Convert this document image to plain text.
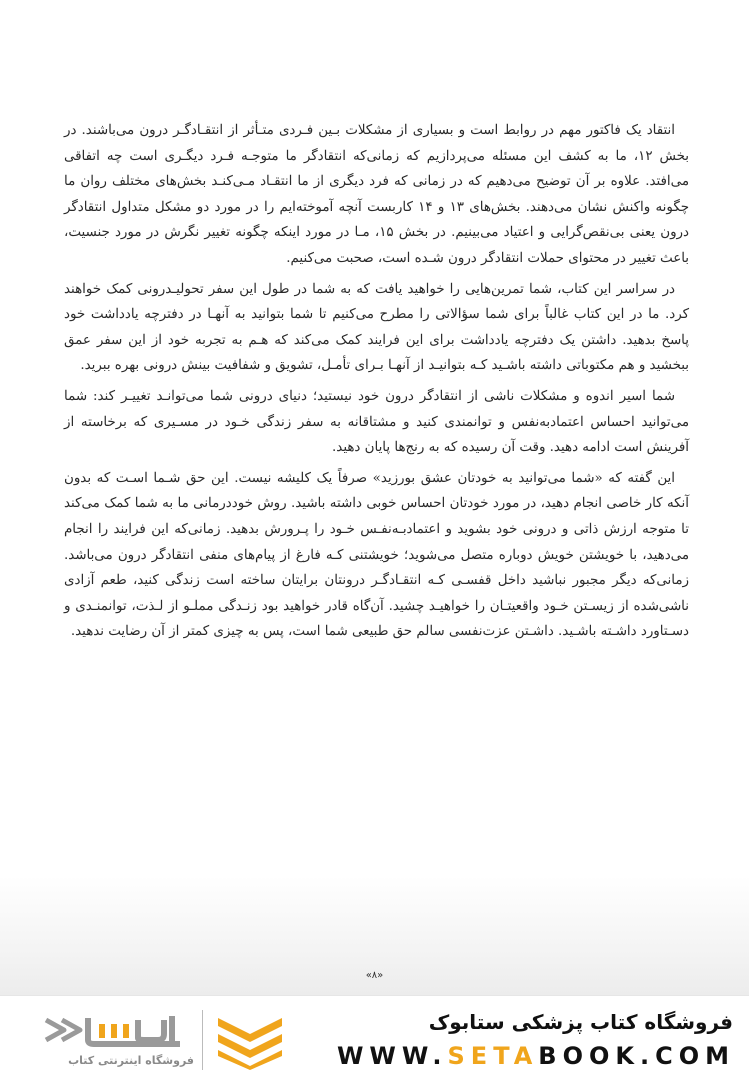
انتقاد یک فاکتور مهم در روابط است و بسیاری از مشکلات بـین فـردی متـأثر از انتقـادگـر درون می‌باشند. در بخش ۱۲، ما به کشف این مسئله می‌پردازیم که زمانی‌که انتقادگر ما متوجـه فـرد دیگـری است چه اتفاقی می‌افتد. علاوه بر آن توضیح می‌دهیم که در زمانی که فرد دیگری از ما انتقـاد مـی‌کنـد بخش‌های مختلف روان ما چگونه واکنش نشان می‌دهند. بخش‌های ۱۳ و ۱۴ کاربست آنچه آموخته‌ایم را در مورد دو مشکل متداول انتقادگر درون یعنی بی‌نقص‌گرایی و اعتیاد می‌بینیم. در بخش ۱۵، مـا در مورد اینکه چگونه تغییر نگرش در مورد جنسیت، باعث تغییر در محتوای حملات انتقادگر درون شـده است، صحبت می‌کنیم.

در سراسر این کتاب، شما تمرین‌هایی را خواهید یافت که به شما در طول این سفر تحولیـدرونی کمک خواهند کرد. ما در این کتاب غالباً برای شما سؤالاتی را مطرح می‌کنیم تا شما بتوانید به آنهـا در دفترچه یادداشت خود پاسخ بدهید. داشتن یک دفترچه یادداشت برای این فرایند کمک می‌کند که هـم به تجربه خود از این سفر عمق ببخشید و هم مکتوباتی داشته باشـید کـه بتوانیـد از آنهـا بـرای تأمـل، تشویق و شفافیت بینش درونی بهره ببرید.

شما اسیر اندوه و مشکلات ناشی از انتقادگر درون خود نیستید؛ دنیای درونی شما می‌توانـد تغییـر کند: شما می‌توانید احساس اعتمادبه‌نفس و توانمندی کنید و مشتاقانه به سفر زندگی خـود در مسـیری که برخاسته از آفرینش است ادامه دهید. وقت آن رسیده که به رنج‌ها پایان دهید.

این گفته که «شما می‌توانید به خودتان عشق بورزید» صرفاً یک کلیشه نیست. این حق شـما اسـت که بدون آنکه کار خاصی انجام دهید، در مورد خودتان احساس خوبی داشته باشید. روش خوددرمانی ما به شما کمک می‌کند تا متوجه ارزش ذاتی و درونی خود بشوید و اعتمادبـه‌نفـس خـود را پـرورش بدهید. زمانی‌که این فرایند را انجام می‌دهید، با خویشتن خویش دوباره متصل می‌شوید؛ خویشتنی کـه فارغ از پیام‌های منفی انتقادگر درون می‌باشد. زمانی‌که دیگر مجبور نباشید داخل قفسـی کـه انتقـادگـر درونتان برایتان ساخته است زندگی کنید، طعم آزادی ناشی‌شده از زیسـتن خـود واقعیتـان را خواهیـد چشید. آن‌گاه قادر خواهید بود زنـدگی مملـو از لـذت، توانمنـدی و دسـتاورد داشـته باشـید. داشـتن عزت‌نفسی سالم حق طبیعی شما است، پس به چیزی کمتر از آن رضایت ندهید.

«۸»
فروشگاه کتاب پزشکی ستابوک
WWW.SETABOOK.COM
فروشگاه اینترنتی کتاب
